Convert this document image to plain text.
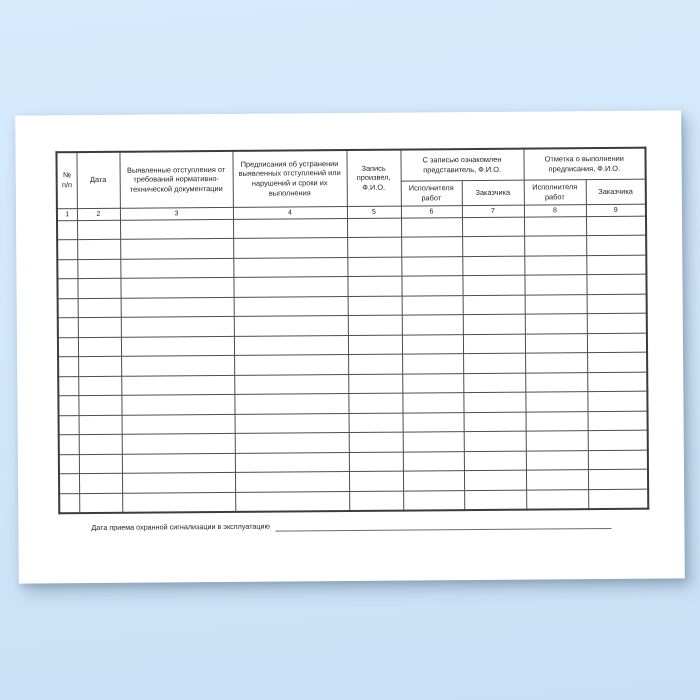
№ п/п	Дата	Выявленные отступления от требований нормативно-технической документации	Предписания об устранении выявленных отступлений или нарушений и сроки их выполнения	Запись произвел, Ф.И.О.	С записью ознакомлен представитель, Ф.И.О.		Отметка о выполнении предписания, Ф.И.О.	
					Исполнителя работ	Заказчика	Исполнителя работ	Заказчика
1	2	3	4	5	6	7	8	9

Дата приема охранной сигнализации в эксплуатацию
